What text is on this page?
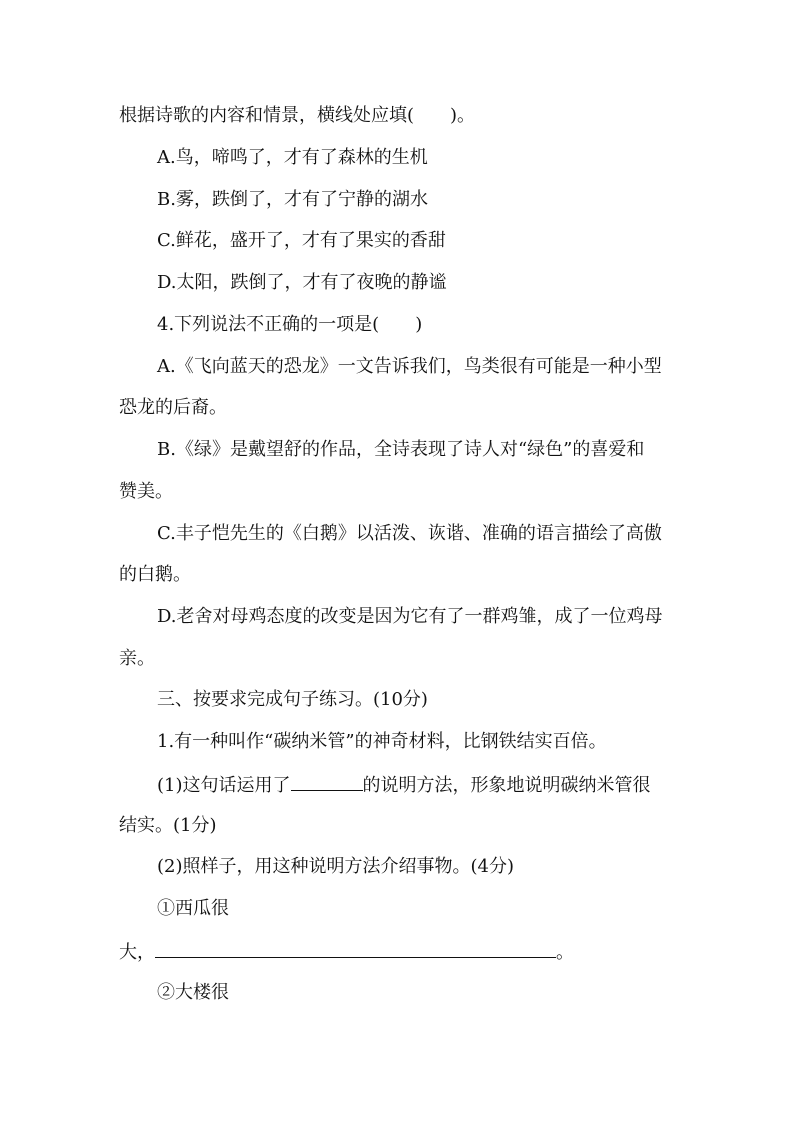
根据诗歌的内容和情景，横线处应填(　　)。
A.鸟，啼鸣了，才有了森林的生机
B.雾，跌倒了，才有了宁静的湖水
C.鲜花，盛开了，才有了果实的香甜
D.太阳，跌倒了，才有了夜晚的静谧
4.下列说法不正确的一项是(　　)
A.《飞向蓝天的恐龙》一文告诉我们，鸟类很有可能是一种小型
恐龙的后裔。
B.《绿》是戴望舒的作品，全诗表现了诗人对“绿色”的喜爱和
赞美。
C.丰子恺先生的《白鹅》以活泼、诙谐、准确的语言描绘了高傲
的白鹅。
D.老舍对母鸡态度的改变是因为它有了一群鸡雏，成了一位鸡母
亲。
三、按要求完成句子练习。(10分)
1.有一种叫作“碳纳米管”的神奇材料，比钢铁结实百倍。
(1)这句话运用了	的说明方法，形象地说明碳纳米管很
结实。(1分)
(2)照样子，用这种说明方法介绍事物。(4分)
①西瓜很
大，	。
②大楼很
